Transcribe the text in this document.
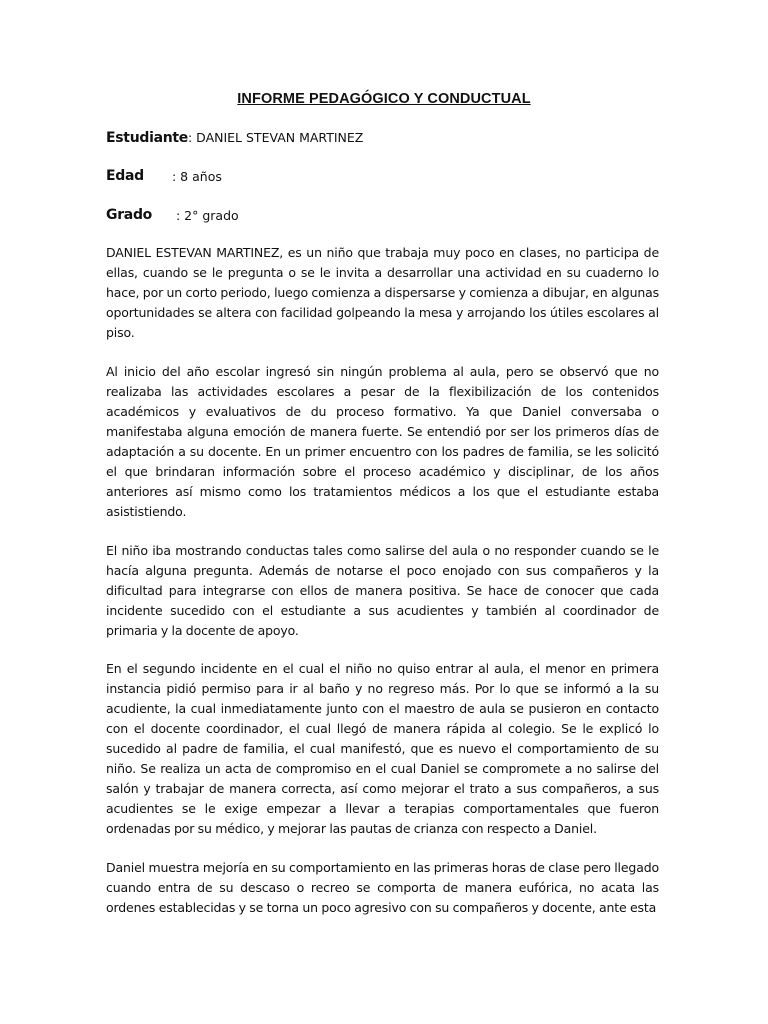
INFORME PEDAGÓGICO Y CONDUCTUAL
Estudiante: DANIEL STEVAN MARTINEZ
Edad : 8 años
Grado : 2° grado

DANIEL ESTEVAN MARTINEZ, es un niño que trabaja muy poco en clases, no participa de ellas, cuando se le pregunta o se le invita a desarrollar una actividad en su cuaderno lo hace, por un corto periodo, luego comienza a dispersarse y comienza a dibujar, en algunas oportunidades se altera con facilidad golpeando la mesa y arrojando los útiles escolares al piso.

Al inicio del año escolar ingresó sin ningún problema al aula, pero se observó que no realizaba las actividades escolares a pesar de la flexibilización de los contenidos académicos y evaluativos de du proceso formativo. Ya que Daniel conversaba o manifestaba alguna emoción de manera fuerte. Se entendió por ser los primeros días de adaptación a su docente. En un primer encuentro con los padres de familia, se les solicitó el que brindaran información sobre el proceso académico y disciplinar, de los años anteriores así mismo como los tratamientos médicos a los que el estudiante estaba asististiendo.

El niño iba mostrando conductas tales como salirse del aula o no responder cuando se le hacía alguna pregunta. Además de notarse el poco enojado con sus compañeros y la dificultad para integrarse con ellos de manera positiva. Se hace de conocer que cada incidente sucedido con el estudiante a sus acudientes y también al coordinador de primaria y la docente de apoyo.

En el segundo incidente en el cual el niño no quiso entrar al aula, el menor en primera instancia pidió permiso para ir al baño y no regreso más. Por lo que se informó a la su acudiente, la cual inmediatamente junto con el maestro de aula se pusieron en contacto con el docente coordinador, el cual llegó de manera rápida al colegio. Se le explicó lo sucedido al padre de familia, el cual manifestó, que es nuevo el comportamiento de su niño. Se realiza un acta de compromiso en el cual Daniel se compromete a no salirse del salón y trabajar de manera correcta, así como mejorar el trato a sus compañeros, a sus acudientes se le exige empezar a llevar a terapias comportamentales que fueron ordenadas por su médico, y mejorar las pautas de crianza con respecto a Daniel.

Daniel muestra mejoría en su comportamiento en las primeras horas de clase pero llegado cuando entra de su descaso o recreo se comporta de manera eufórica, no acata las ordenes establecidas y se torna un poco agresivo con su compañeros y docente, ante esta
